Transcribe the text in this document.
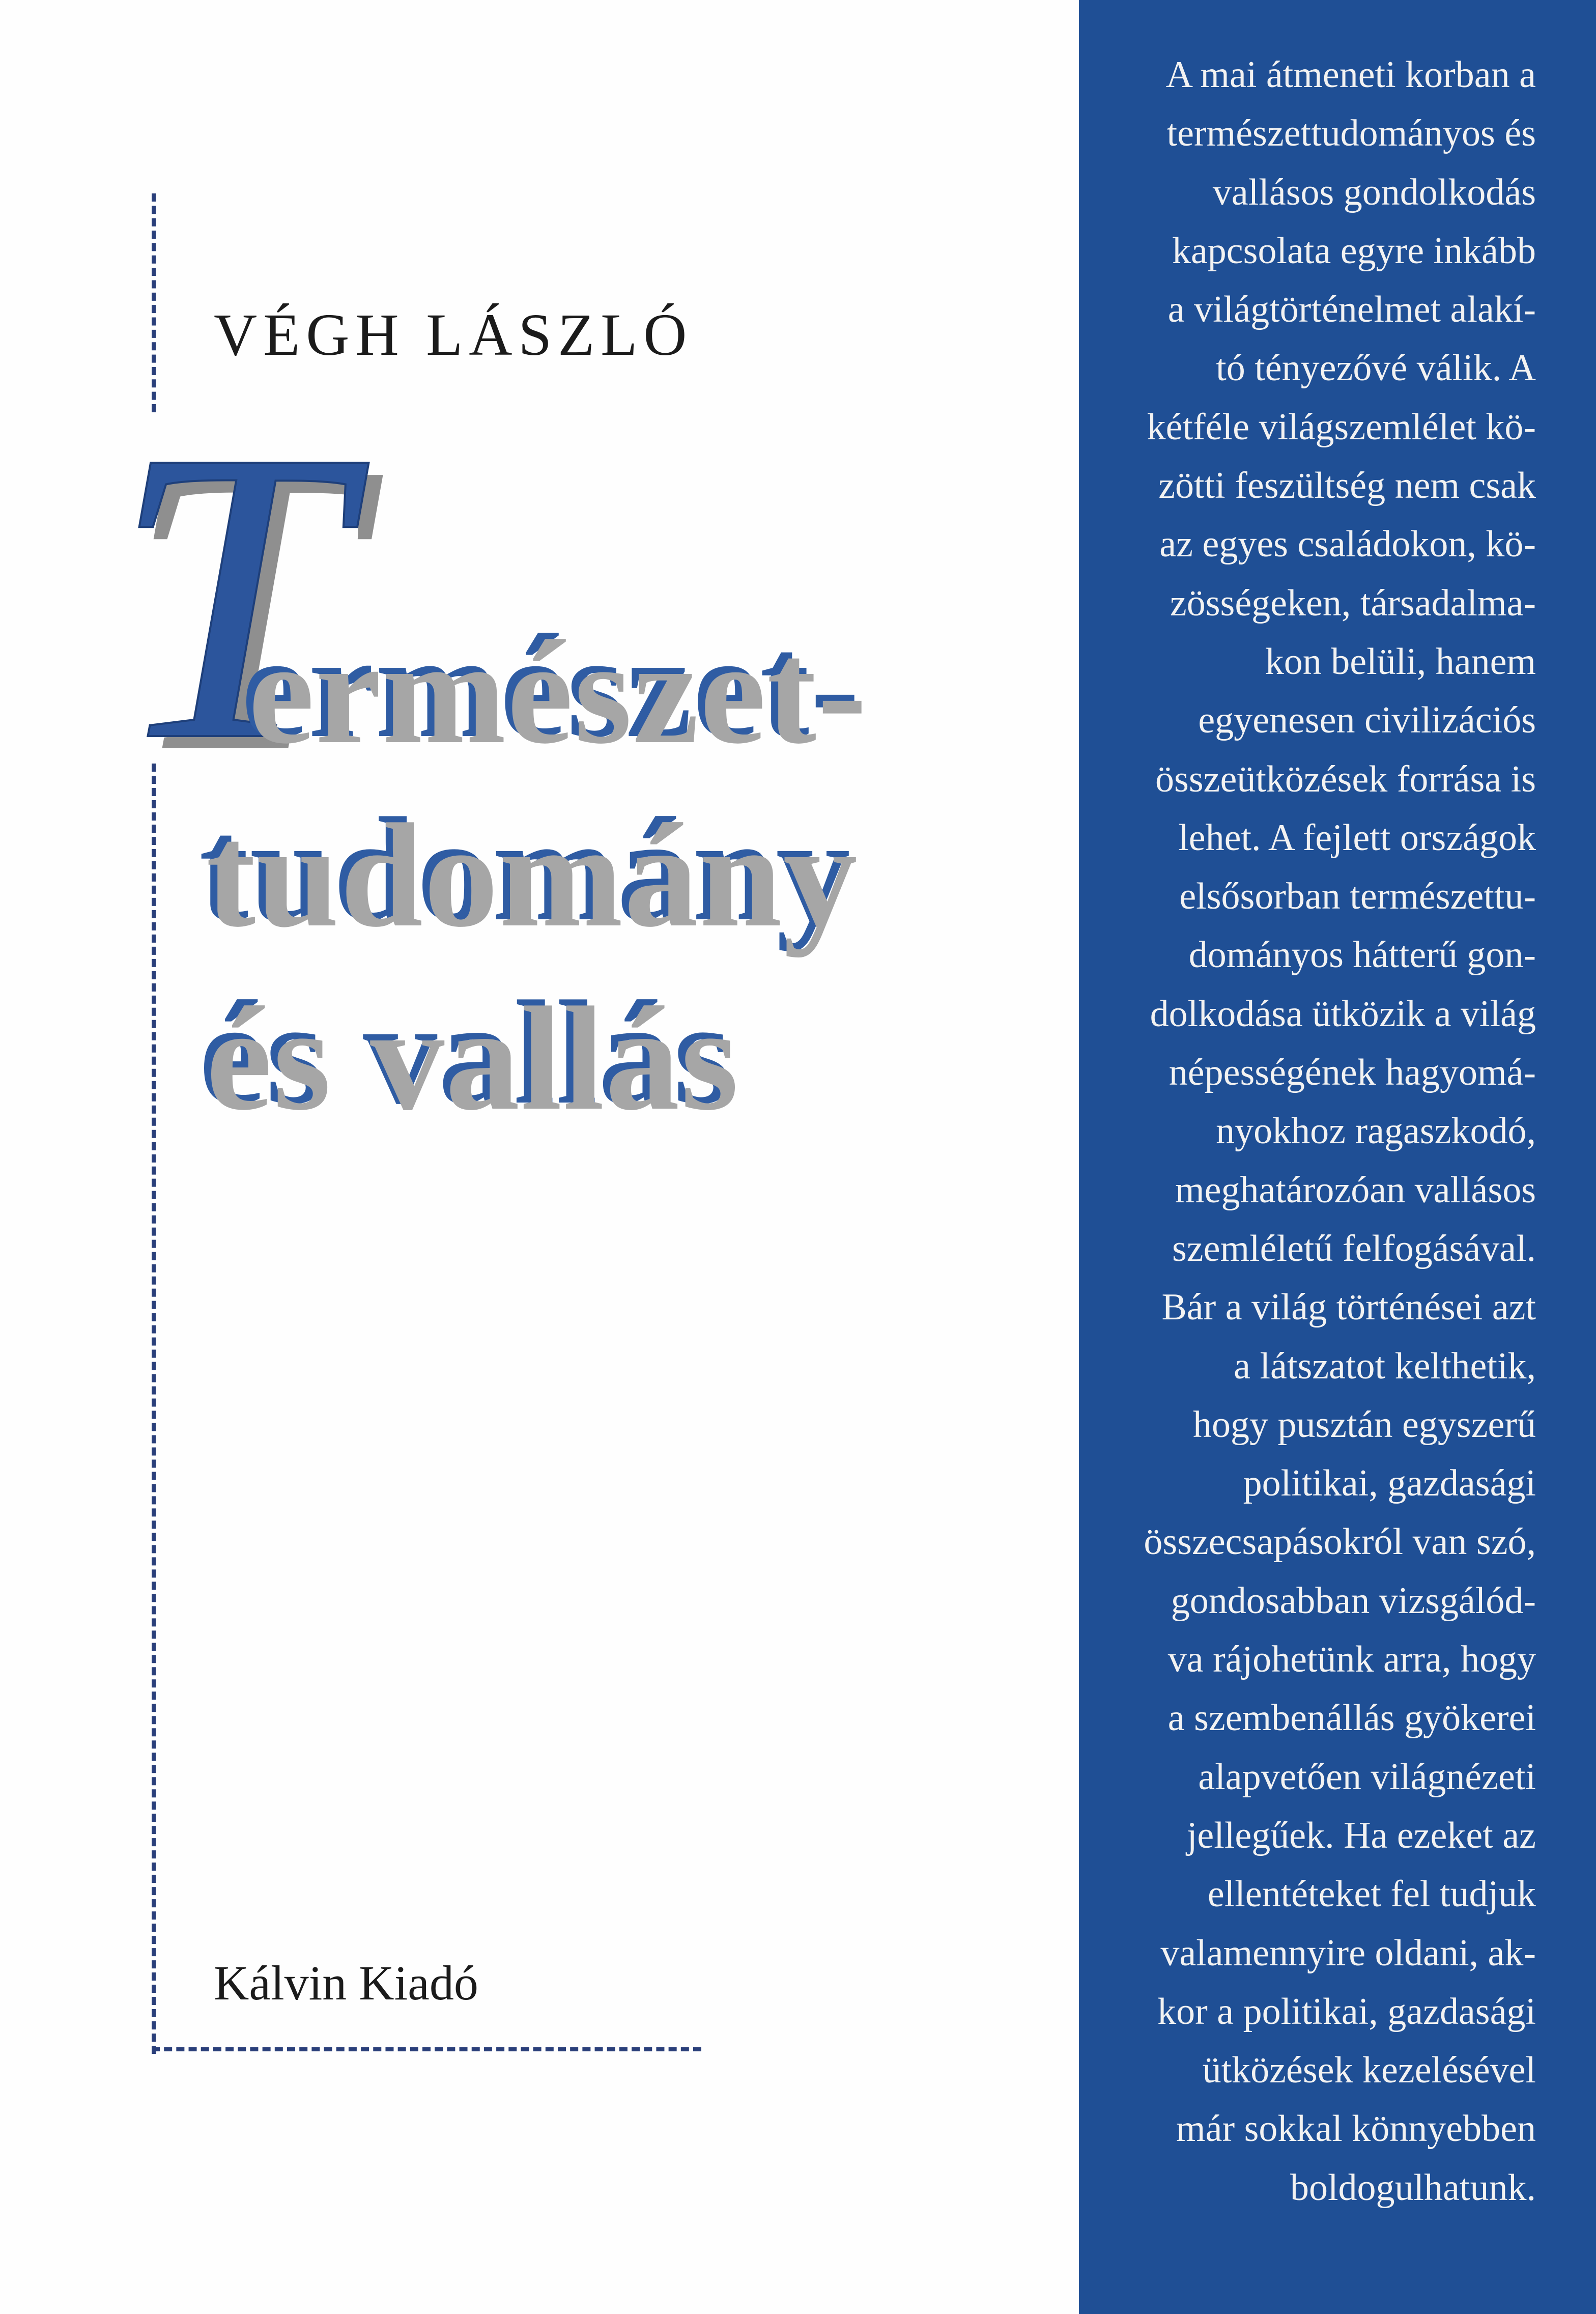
VÉGH LÁSZLÓ
T
ermészet-
tudomány
és vallás
Kálvin Kiadó
A mai átmeneti korban a
természettudományos és
vallásos gondolkodás
kapcsolata egyre inkább
a világtörténelmet alakí-
tó tényezővé válik. A
kétféle világszemlélet kö-
zötti feszültség nem csak
az egyes családokon, kö-
zösségeken, társadalma-
kon belüli, hanem
egyenesen civilizációs
összeütközések forrása is
lehet. A fejlett országok
elsősorban természettu-
dományos hátterű gon-
dolkodása ütközik a világ
népességének hagyomá-
nyokhoz ragaszkodó,
meghatározóan vallásos
szemléletű felfogásával.
Bár a világ történései azt
a látszatot kelthetik,
hogy pusztán egyszerű
politikai, gazdasági
összecsapásokról van szó,
gondosabban vizsgálód-
va rájohetünk arra, hogy
a szembenállás gyökerei
alapvetően világnézeti
jellegűek. Ha ezeket az
ellentéteket fel tudjuk
valamennyire oldani, ak-
kor a politikai, gazdasági
ütközések kezelésével
már sokkal könnyebben
boldogulhatunk.
